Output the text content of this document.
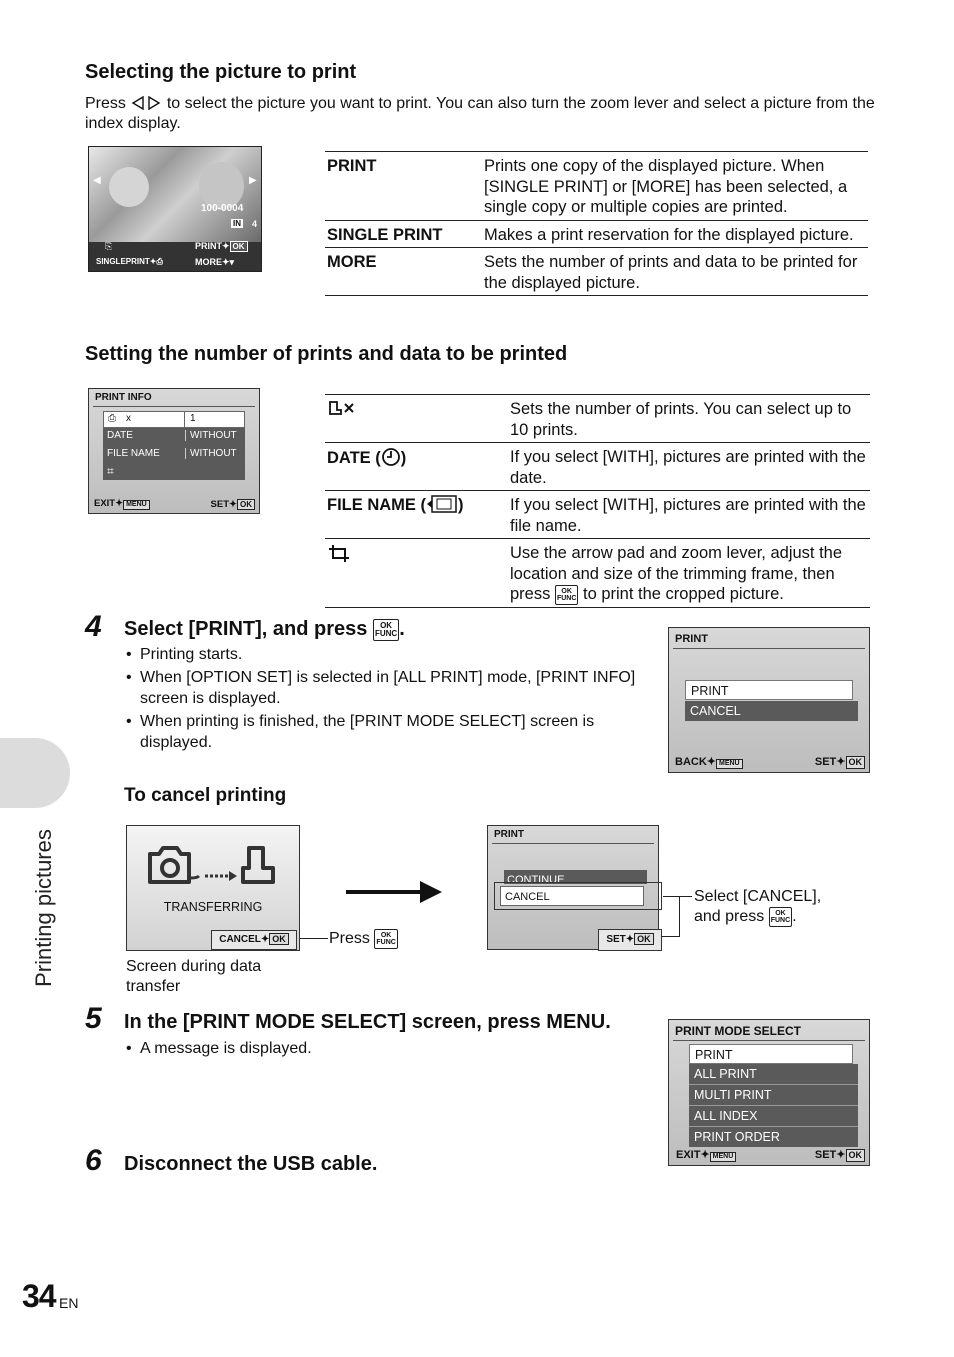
Selecting the picture to print
Press	to select the picture you want to print. You can also turn the zoom lever and select a picture from the index display.
◀	▶
100-0004
IN 4
⎘	PRINT✦ OK
SINGLEPRINT✦⎙	MORE✦▾
PRINT	Prints one copy of the displayed picture. When [SINGLE PRINT] or [MORE] has been selected, a single copy or multiple copies are printed.
SINGLE PRINT	Makes a print reservation for the displayed picture.
MORE	Sets the number of prints and data to be printed for the displayed picture.
Setting the number of prints and data to be printed
PRINT INFO
⎙ x	1
DATE	WITHOUT
FILE NAME	WITHOUT
⌗
EXIT✦ MENU	SET✦ OK
	Sets the number of prints. You can select up to 10 prints.
DATE ( )	If you select [WITH], pictures are printed with the date.
FILE NAME ( )	If you select [WITH], pictures are printed with the file name.
	Use the arrow pad and zoom lever, adjust the location and size of the trimming frame, then press OK
FUNC to print the cropped picture.
4 Select [PRINT], and press OK
FUNC .
• Printing starts.
• When [OPTION SET] is selected in [ALL PRINT] mode, [PRINT INFO] screen is displayed.
• When printing is finished, the [PRINT MODE SELECT] screen is displayed.
PRINT
PRINT
CANCEL
BACK✦ MENU	SET✦ OK
To cancel printing
TRANSFERRING
CANCEL✦ OK	Press OK
FUNC
Screen during data transfer
PRINT
CONTINUE
CANCEL
SET✦ OK
Select [CANCEL],
and press OK
FUNC .
5 In the [PRINT MODE SELECT] screen, press MENU.
• A message is displayed.
PRINT MODE SELECT
PRINT
ALL PRINT
MULTI PRINT
ALL INDEX
PRINT ORDER
EXIT✦ MENU	SET✦ OK
6 Disconnect the USB cable.
Printing pictures
34 EN
